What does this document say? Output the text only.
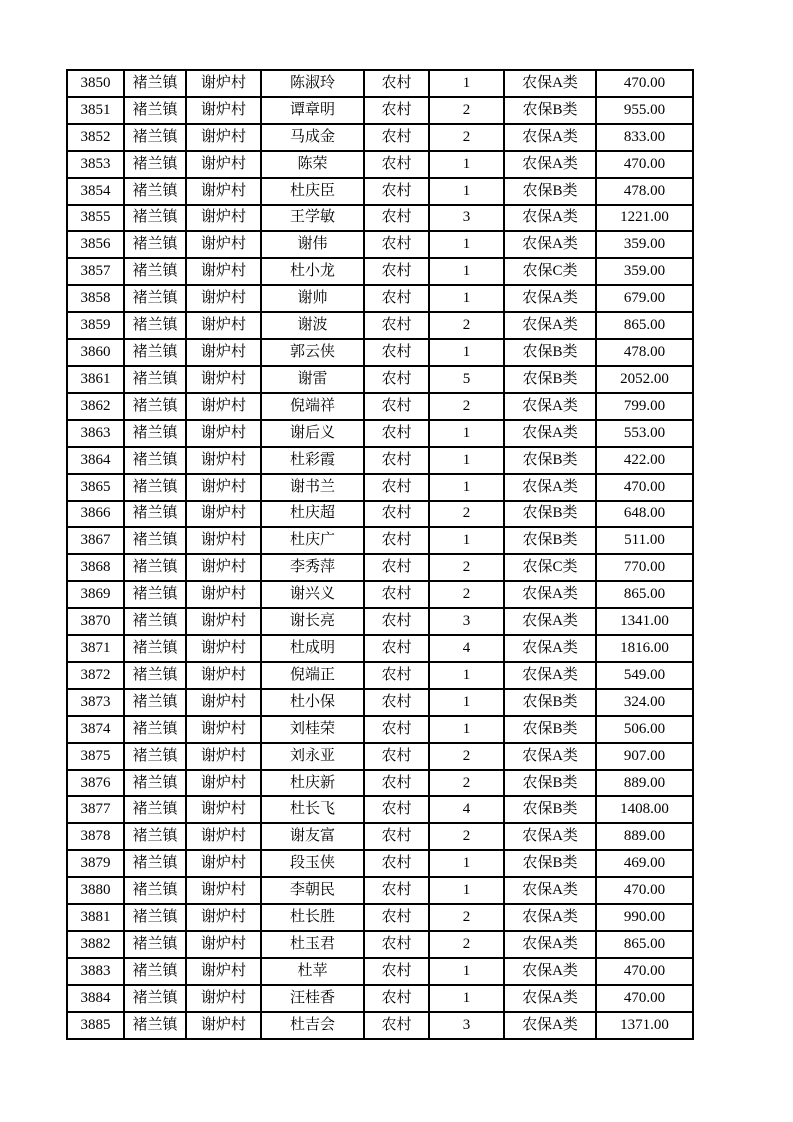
3850	褚兰镇	谢炉村	陈淑玲	农村	1	农保A类	470.00
3851	褚兰镇	谢炉村	谭章明	农村	2	农保B类	955.00
3852	褚兰镇	谢炉村	马成金	农村	2	农保A类	833.00
3853	褚兰镇	谢炉村	陈荣	农村	1	农保A类	470.00
3854	褚兰镇	谢炉村	杜庆臣	农村	1	农保B类	478.00
3855	褚兰镇	谢炉村	王学敏	农村	3	农保A类	1221.00
3856	褚兰镇	谢炉村	谢伟	农村	1	农保A类	359.00
3857	褚兰镇	谢炉村	杜小龙	农村	1	农保C类	359.00
3858	褚兰镇	谢炉村	谢帅	农村	1	农保A类	679.00
3859	褚兰镇	谢炉村	谢波	农村	2	农保A类	865.00
3860	褚兰镇	谢炉村	郭云侠	农村	1	农保B类	478.00
3861	褚兰镇	谢炉村	谢雷	农村	5	农保B类	2052.00
3862	褚兰镇	谢炉村	倪端祥	农村	2	农保A类	799.00
3863	褚兰镇	谢炉村	谢后义	农村	1	农保A类	553.00
3864	褚兰镇	谢炉村	杜彩霞	农村	1	农保B类	422.00
3865	褚兰镇	谢炉村	谢书兰	农村	1	农保A类	470.00
3866	褚兰镇	谢炉村	杜庆超	农村	2	农保B类	648.00
3867	褚兰镇	谢炉村	杜庆广	农村	1	农保B类	511.00
3868	褚兰镇	谢炉村	李秀萍	农村	2	农保C类	770.00
3869	褚兰镇	谢炉村	谢兴义	农村	2	农保A类	865.00
3870	褚兰镇	谢炉村	谢长亮	农村	3	农保A类	1341.00
3871	褚兰镇	谢炉村	杜成明	农村	4	农保A类	1816.00
3872	褚兰镇	谢炉村	倪端正	农村	1	农保A类	549.00
3873	褚兰镇	谢炉村	杜小保	农村	1	农保B类	324.00
3874	褚兰镇	谢炉村	刘桂荣	农村	1	农保B类	506.00
3875	褚兰镇	谢炉村	刘永亚	农村	2	农保A类	907.00
3876	褚兰镇	谢炉村	杜庆新	农村	2	农保B类	889.00
3877	褚兰镇	谢炉村	杜长飞	农村	4	农保B类	1408.00
3878	褚兰镇	谢炉村	谢友富	农村	2	农保A类	889.00
3879	褚兰镇	谢炉村	段玉侠	农村	1	农保B类	469.00
3880	褚兰镇	谢炉村	李朝民	农村	1	农保A类	470.00
3881	褚兰镇	谢炉村	杜长胜	农村	2	农保A类	990.00
3882	褚兰镇	谢炉村	杜玉君	农村	2	农保A类	865.00
3883	褚兰镇	谢炉村	杜苹	农村	1	农保A类	470.00
3884	褚兰镇	谢炉村	汪桂香	农村	1	农保A类	470.00
3885	褚兰镇	谢炉村	杜吉会	农村	3	农保A类	1371.00
